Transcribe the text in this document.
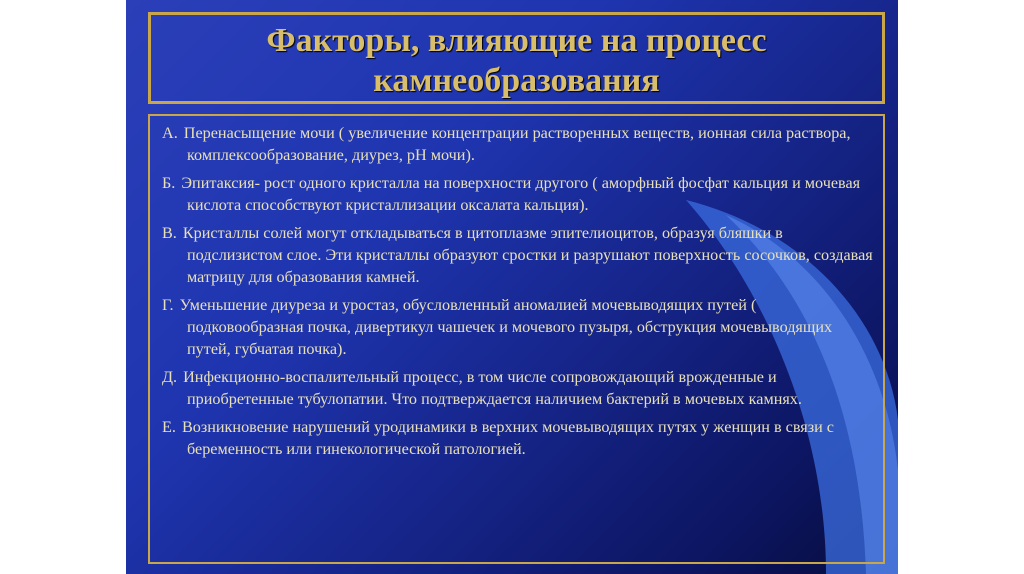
Факторы, влияющие на процесс
камнеобразования
А. Перенасыщение мочи ( увеличение концентрации растворенных веществ, ионная сила раствора, комплексообразование, диурез, рН мочи).
Б. Эпитаксия- рост одного кристалла на поверхности другого ( аморфный фосфат кальция и мочевая кислота способствуют кристаллизации оксалата кальция).
В. Кристаллы солей могут откладываться в цитоплазме эпителиоцитов, образуя бляшки в подслизистом слое. Эти кристаллы образуют сростки и разрушают поверхность сосочков, создавая матрицу для образования камней.
Г. Уменьшение диуреза и уростаз, обусловленный аномалией мочевыводящих путей ( подковообразная почка, дивертикул чашечек и мочевого пузыря, обструкция мочевыводящих путей, губчатая почка).
Д. Инфекционно-воспалительный процесс, в том числе сопровождающий врожденные и приобретенные тубулопатии. Что подтверждается наличием бактерий в мочевых камнях.
Е. Возникновение нарушений уродинамики в верхних мочевыводящих путях у женщин в связи с беременность или гинекологической патологией.
